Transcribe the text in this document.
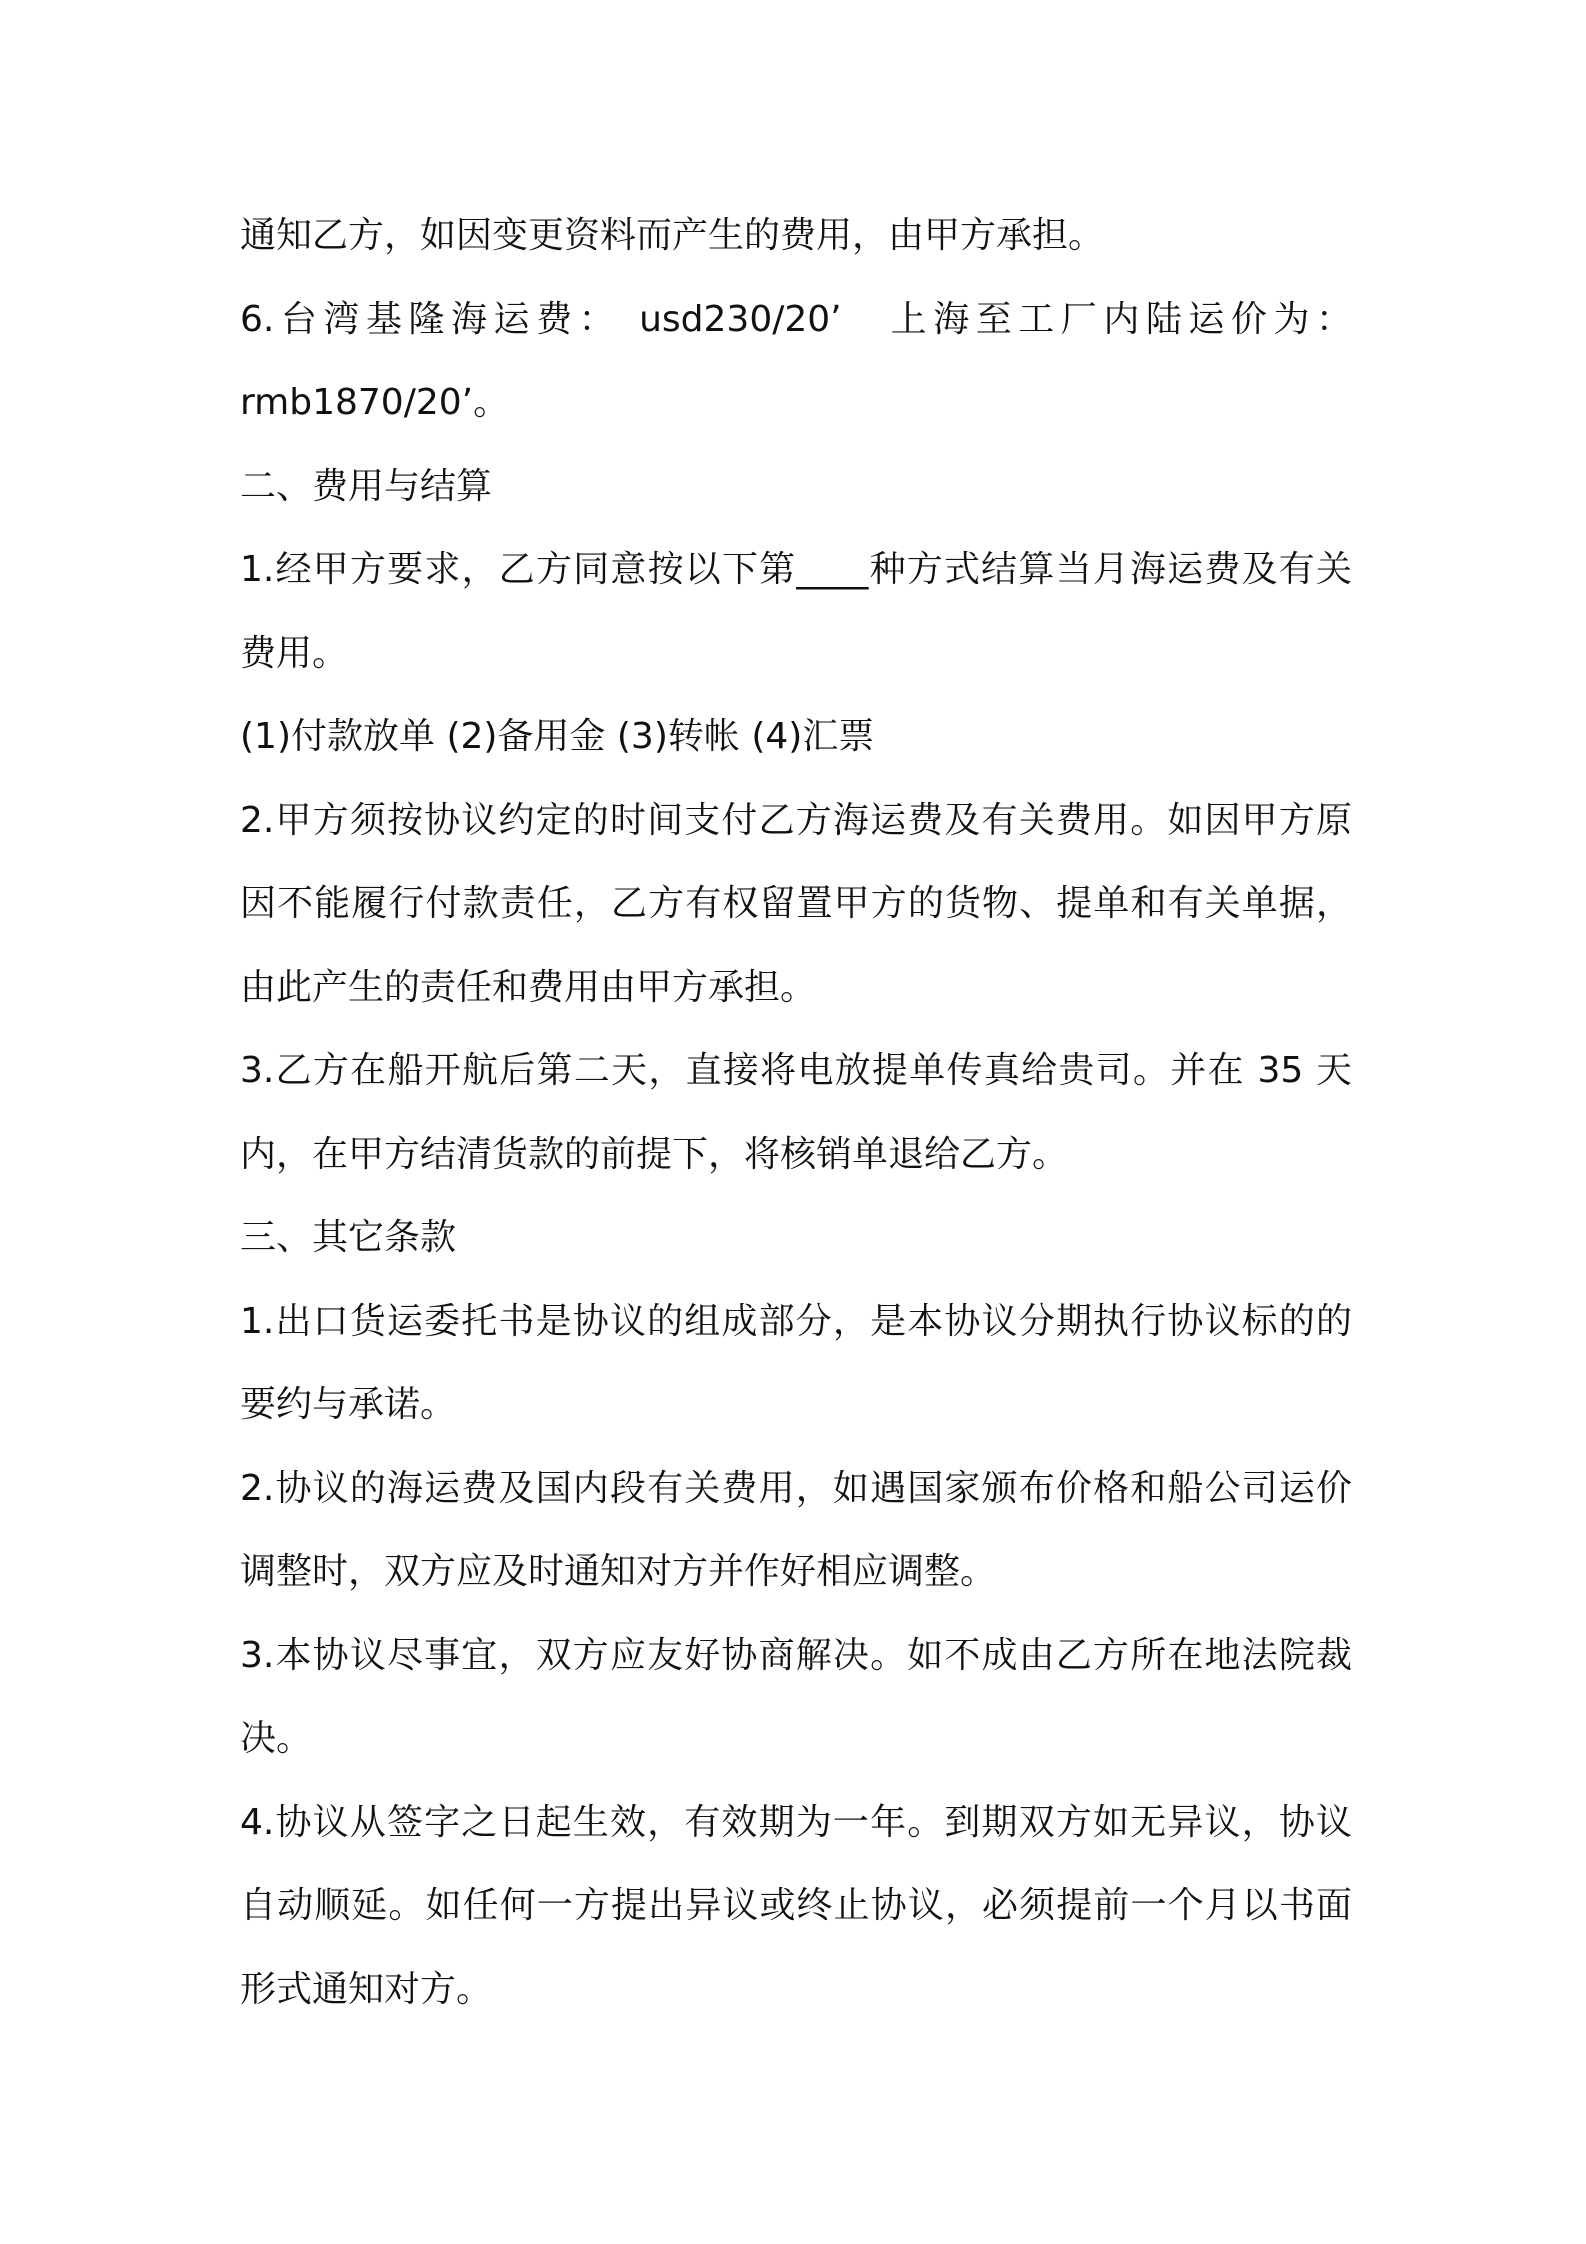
通知乙方，如因变更资料而产生的费用，由甲方承担。
6.台湾基隆海运费： usd230/20’　上海至工厂内陆运价为：
rmb1870/20’。
二、费用与结算
1.经甲方要求，乙方同意按以下第____种方式结算当月海运费及有关
费用。
(1)付款放单 (2)备用金 (3)转帐 (4)汇票
2.甲方须按协议约定的时间支付乙方海运费及有关费用。如因甲方原
因不能履行付款责任，乙方有权留置甲方的货物、提单和有关单据，
由此产生的责任和费用由甲方承担。
3.乙方在船开航后第二天，直接将电放提单传真给贵司。并在 35 天
内，在甲方结清货款的前提下，将核销单退给乙方。
三、其它条款
1.出口货运委托书是协议的组成部分，是本协议分期执行协议标的的
要约与承诺。
2.协议的海运费及国内段有关费用，如遇国家颁布价格和船公司运价
调整时，双方应及时通知对方并作好相应调整。
3.本协议尽事宜，双方应友好协商解决。如不成由乙方所在地法院裁
决。
4.协议从签字之日起生效，有效期为一年。到期双方如无异议，协议
自动顺延。如任何一方提出异议或终止协议，必须提前一个月以书面
形式通知对方。
